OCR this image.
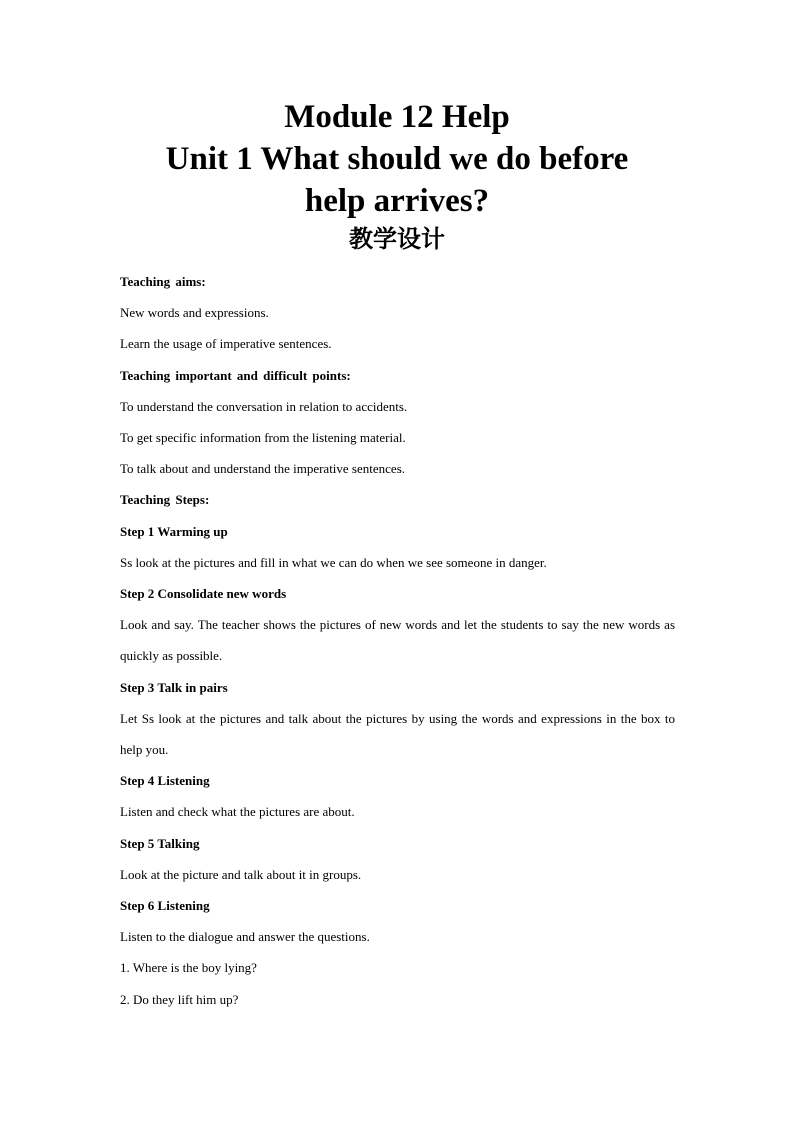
Module 12 Help
Unit 1 What should we do before
help arrives?
教学设计
Teaching aims:
New words and expressions.
Learn the usage of imperative sentences.
Teaching important and difficult points:
To understand the conversation in relation to accidents.
To get specific information from the listening material.
To talk about and understand the imperative sentences.
Teaching Steps:
Step 1 Warming up
Ss look at the pictures and fill in what we can do when we see someone in danger.
Step 2 Consolidate new words
Look and say. The teacher shows the pictures of new words and let the students to say the new words as quickly as possible.
Step 3 Talk in pairs
Let Ss look at the pictures and talk about the pictures by using the words and expressions in the box to help you.
Step 4 Listening
Listen and check what the pictures are about.
Step 5 Talking
Look at the picture and talk about it in groups.
Step 6 Listening
Listen to the dialogue and answer the questions.
1. Where is the boy lying?
2. Do they lift him up?
